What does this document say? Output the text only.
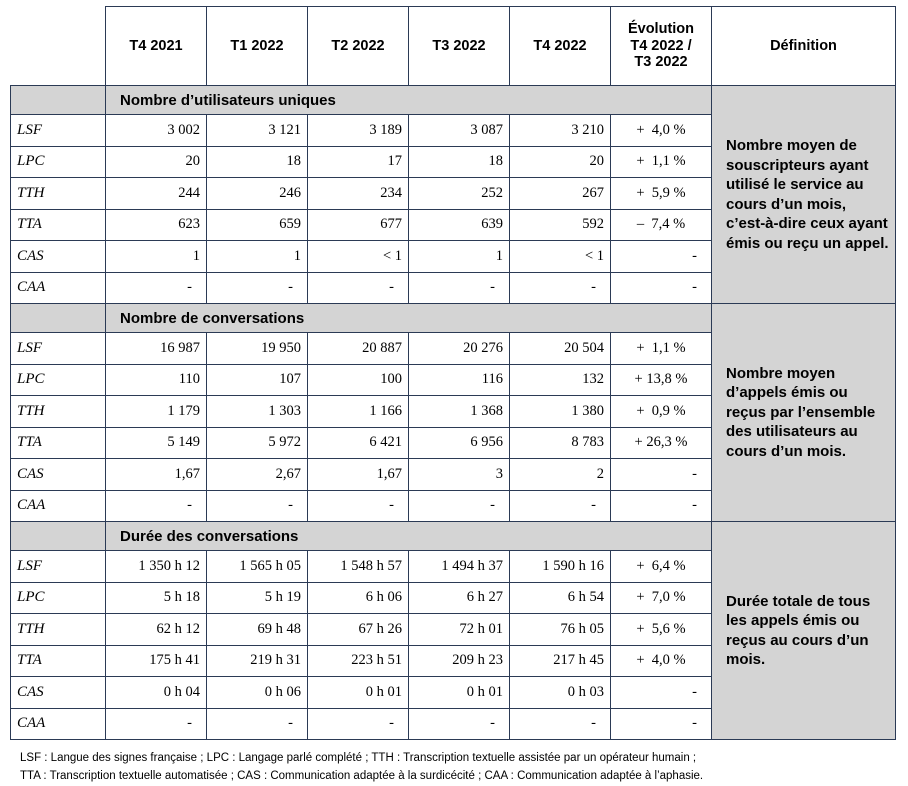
	T4 2021	T1 2022	T2 2022	T3 2022	T4 2022	Évolution
T4 2022 /
T3 2022	Définition
	Nombre d’utilisateurs uniques						Nombre moyen de souscripteurs ayant utilisé le service au cours d’un mois, c’est-à-dire ceux ayant émis ou reçu un appel.
LSF	3 002	3 121	3 189	3 087	3 210	+  4,0 %	
LPC	20	18	17	18	20	+  1,1 %	
TTH	244	246	234	252	267	+  5,9 %	
TTA	623	659	677	639	592	–  7,4 %	
CAS	1	1	< 1	1	< 1	-	
CAA	-	-	-	-	-	-	
	Nombre de conversations						Nombre moyen d’appels émis ou reçus par l’ensemble des utilisateurs au cours d’un mois.
LSF	16 987	19 950	20 887	20 276	20 504	+  1,1 %	
LPC	110	107	100	116	132	+ 13,8 %	
TTH	1 179	1 303	1 166	1 368	1 380	+  0,9 %	
TTA	5 149	5 972	6 421	6 956	8 783	+ 26,3 %	
CAS	1,67	2,67	1,67	3	2	-	
CAA	-	-	-	-	-	-	
	Durée des conversations						Durée totale de tous les appels émis ou reçus au cours d’un mois.
LSF	1 350 h 12	1 565 h 05	1 548 h 57	1 494 h 37	1 590 h 16	+  6,4 %	
LPC	5 h 18	5 h 19	6 h 06	6 h 27	6 h 54	+  7,0 %	
TTH	62 h 12	69 h 48	67 h 26	72 h 01	76 h 05	+  5,6 %	
TTA	175 h 41	219 h 31	223 h 51	209 h 23	217 h 45	+  4,0 %	
CAS	0 h 04	0 h 06	0 h 01	0 h 01	0 h 03	-	
CAA	-	-	-	-	-	-	
LSF : Langue des signes française ; LPC : Langage parlé complété ; TTH : Transcription textuelle assistée par un opérateur humain ;
TTA : Transcription textuelle automatisée ; CAS : Communication adaptée à la surdicécité ; CAA : Communication adaptée à l’aphasie.
